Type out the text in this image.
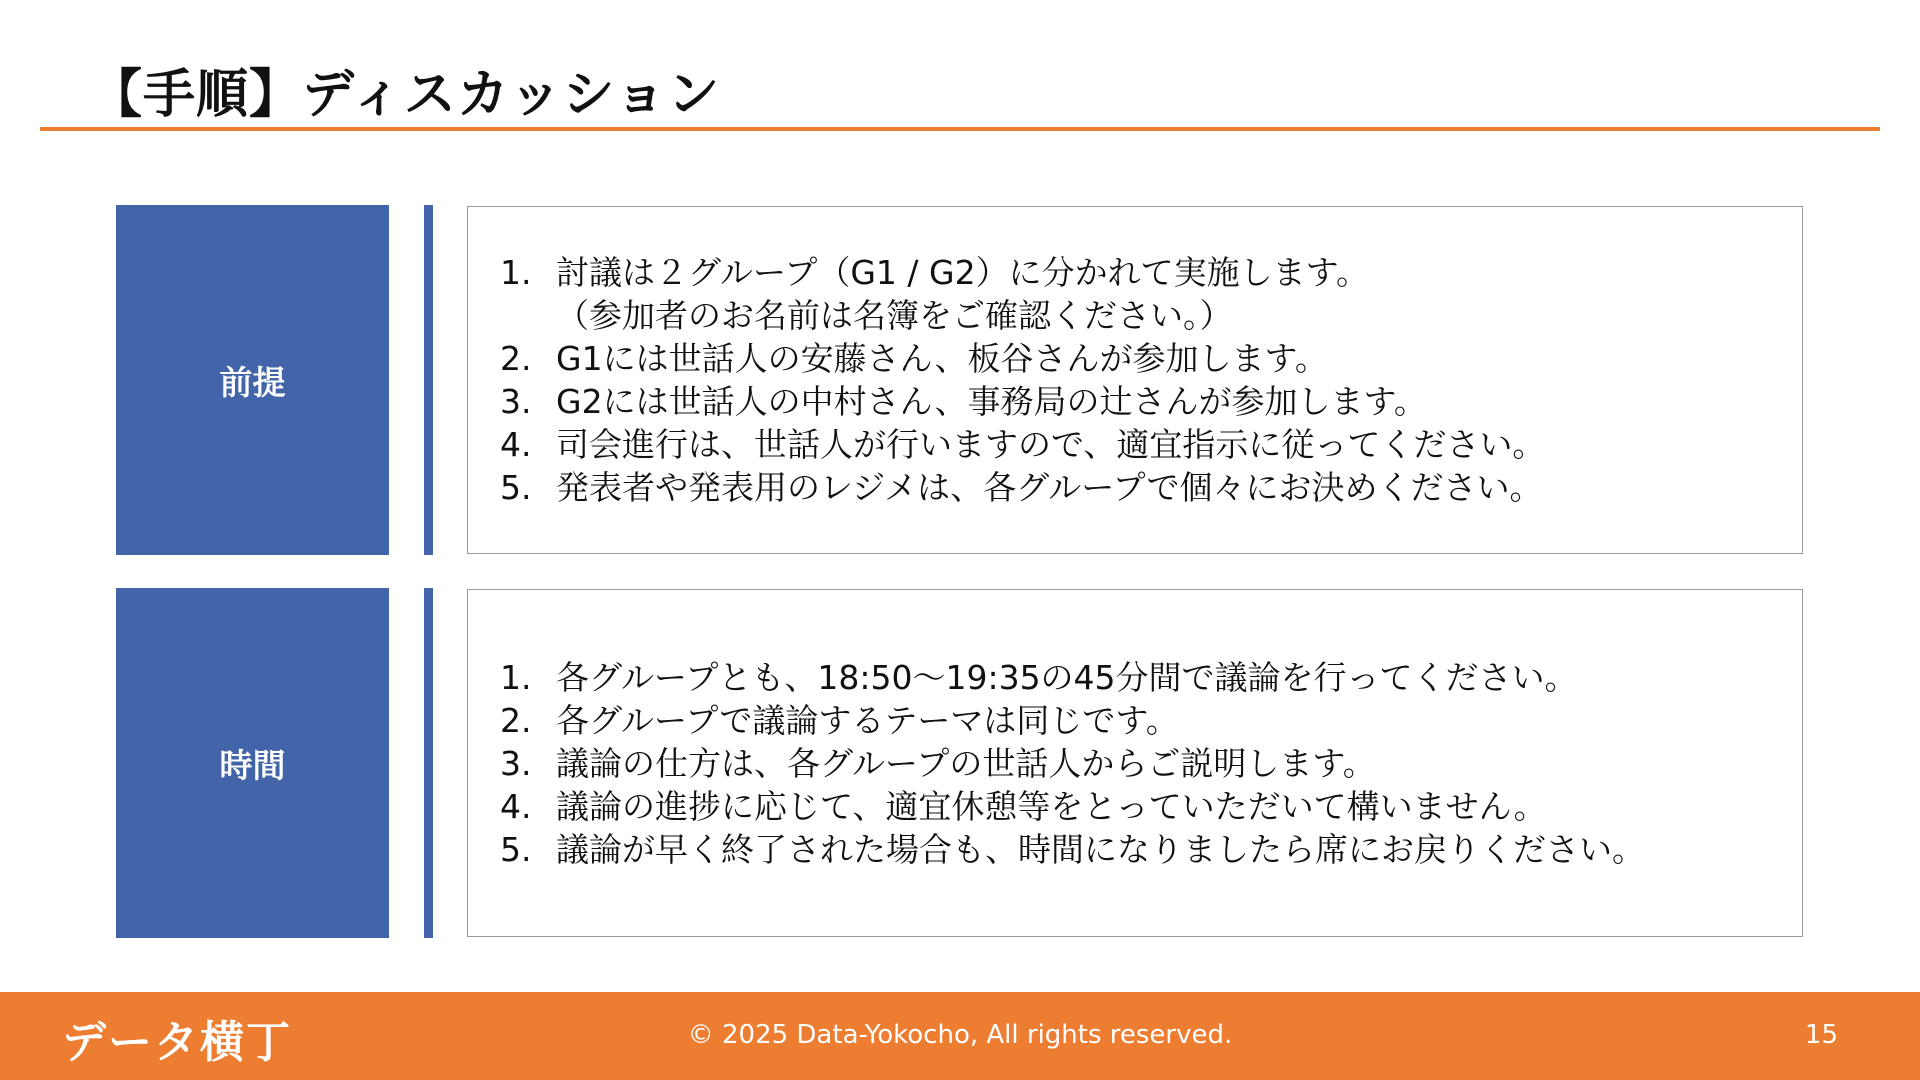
【手順】ディスカッション
前提
1. 討議は２グループ（G1 / G2）に分かれて実施します。
（参加者のお名前は名簿をご確認ください。）
2. G1には世話人の安藤さん、板谷さんが参加します。
3. G2には世話人の中村さん、事務局の辻さんが参加します。
4. 司会進行は、世話人が行いますので、適宜指示に従ってください。
5. 発表者や発表用のレジメは、各グループで個々にお決めください。
時間
1. 各グループとも、18:50～19:35の45分間で議論を行ってください。
2. 各グループで議論するテーマは同じです。
3. 議論の仕方は、各グループの世話人からご説明します。
4. 議論の進捗に応じて、適宜休憩等をとっていただいて構いません。
5. 議論が早く終了された場合も、時間になりましたら席にお戻りください。
データ横丁	© 2025 Data-Yokocho, All rights reserved.	15
